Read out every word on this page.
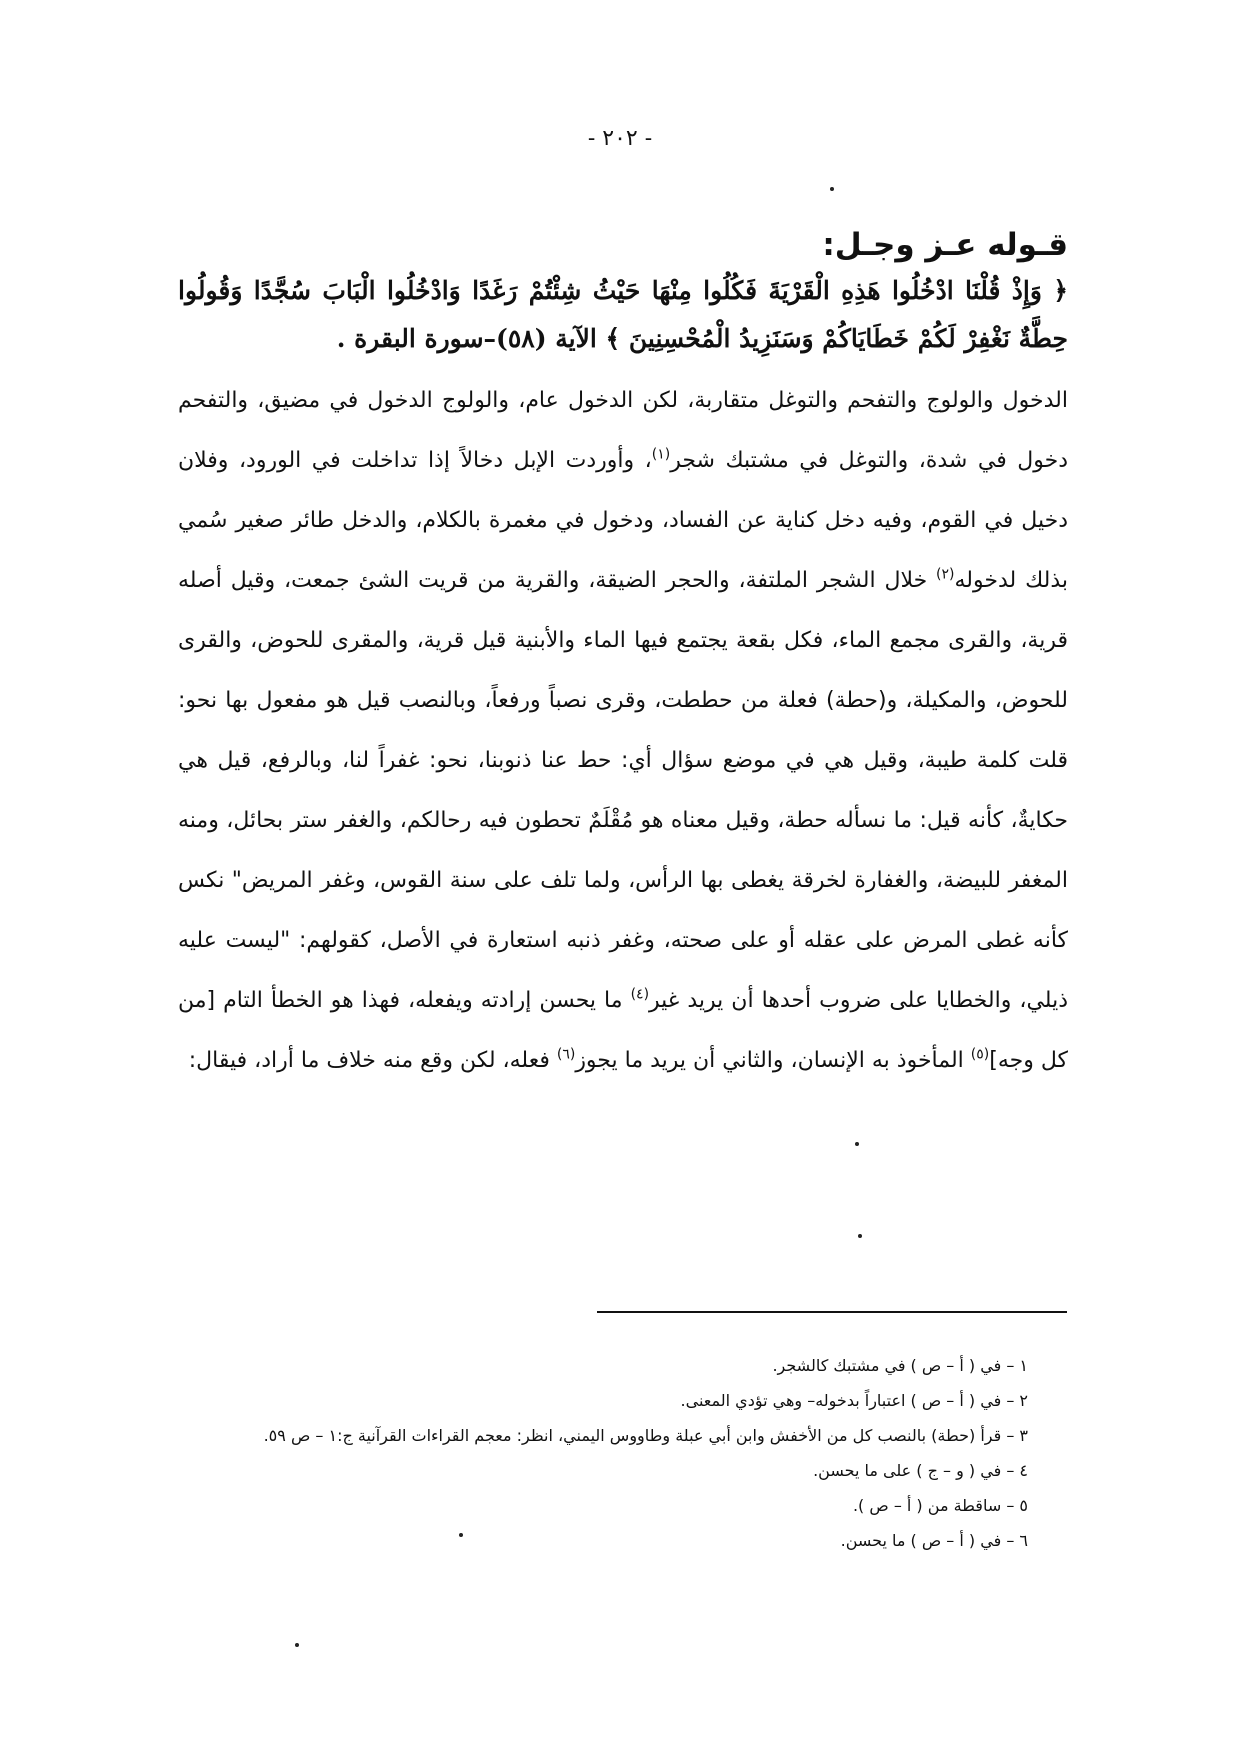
- ٢٠٢ -
قـوله عـز وجـل:

﴿ وَإِذْ قُلْنَا ادْخُلُوا هَذِهِ الْقَرْيَةَ فَكُلُوا مِنْهَا حَيْثُ شِئْتُمْ رَغَدًا وَادْخُلُوا الْبَابَ سُجَّدًا وَقُولُوا حِطَّةٌ نَغْفِرْ لَكُمْ خَطَايَاكُمْ وَسَنَزِيدُ الْمُحْسِنِينَ ﴾ الآية (٥٨)–سورة البقرة .

الدخول والولوج والتفحم والتوغل متقاربة، لكن الدخول عام، والولوج الدخول في مضيق، والتفحم دخول في شدة، والتوغل في مشتبك شجر$^{(١)}$، وأوردت الإبل دخالاً إذا تداخلت في الورود، وفلان دخيل في القوم، وفيه دخل كناية عن الفساد، ودخول في مغمرة بالكلام، والدخل طائر صغير سُمي بذلك لدخوله$^{(٢)}$ خلال الشجر الملتفة، والحجر الضيقة، والقرية من قريت الشئ جمعت، وقيل أصله قرية، والقرى مجمع الماء، فكل بقعة يجتمع فيها الماء والأبنية قيل قرية، والمقرى للحوض، والقرى للحوض، والمكيلة، و(حطة) فعلة من حططت، وقرى نصباً ورفعاً، وبالنصب قيل هو مفعول بها نحو: قلت كلمة طيبة، وقيل هي في موضع سؤال أي: حط عنا ذنوبنا، نحو: غفراً لنا، وبالرفع، قيل هي حكايةٌ، كأنه قيل: ما نسأله حطة، وقيل معناه هو مُقْلَمٌ تحطون فيه رحالكم، والغفر ستر بحائل، ومنه المغفر للبيضة، والغفارة لخرقة يغطى بها الرأس، ولما تلف على سنة القوس، وغفر المريض" نكس كأنه غطى المرض على عقله أو على صحته، وغفر ذنبه استعارة في الأصل، كقولهم: "ليست عليه ذيلي، والخطايا على ضروب أحدها أن يريد غير$^{(٤)}$ ما يحسن إرادته ويفعله، فهذا هو الخطأ التام [من كل وجه]$^{(٥)}$ المأخوذ به الإنسان، والثاني أن يريد ما يجوز$^{(٦)}$ فعله، لكن وقع منه خلاف ما أراد، فيقال:

١ – في ( أ – ص ) في مشتبك كالشجر.
٢ – في ( أ – ص ) اعتباراً بدخوله– وهي تؤدي المعنى.
٣ – قرأ (حطة) بالنصب كل من الأخفش وابن أبي عبلة وطاووس اليمني، انظر: معجم القراءات القرآنية ج:١ – ص ٥٩.
٤ – في ( و – ج ) على ما يحسن.
٥ – ساقطة من ( أ – ص ).
٦ – في ( أ – ص ) ما يحسن.
